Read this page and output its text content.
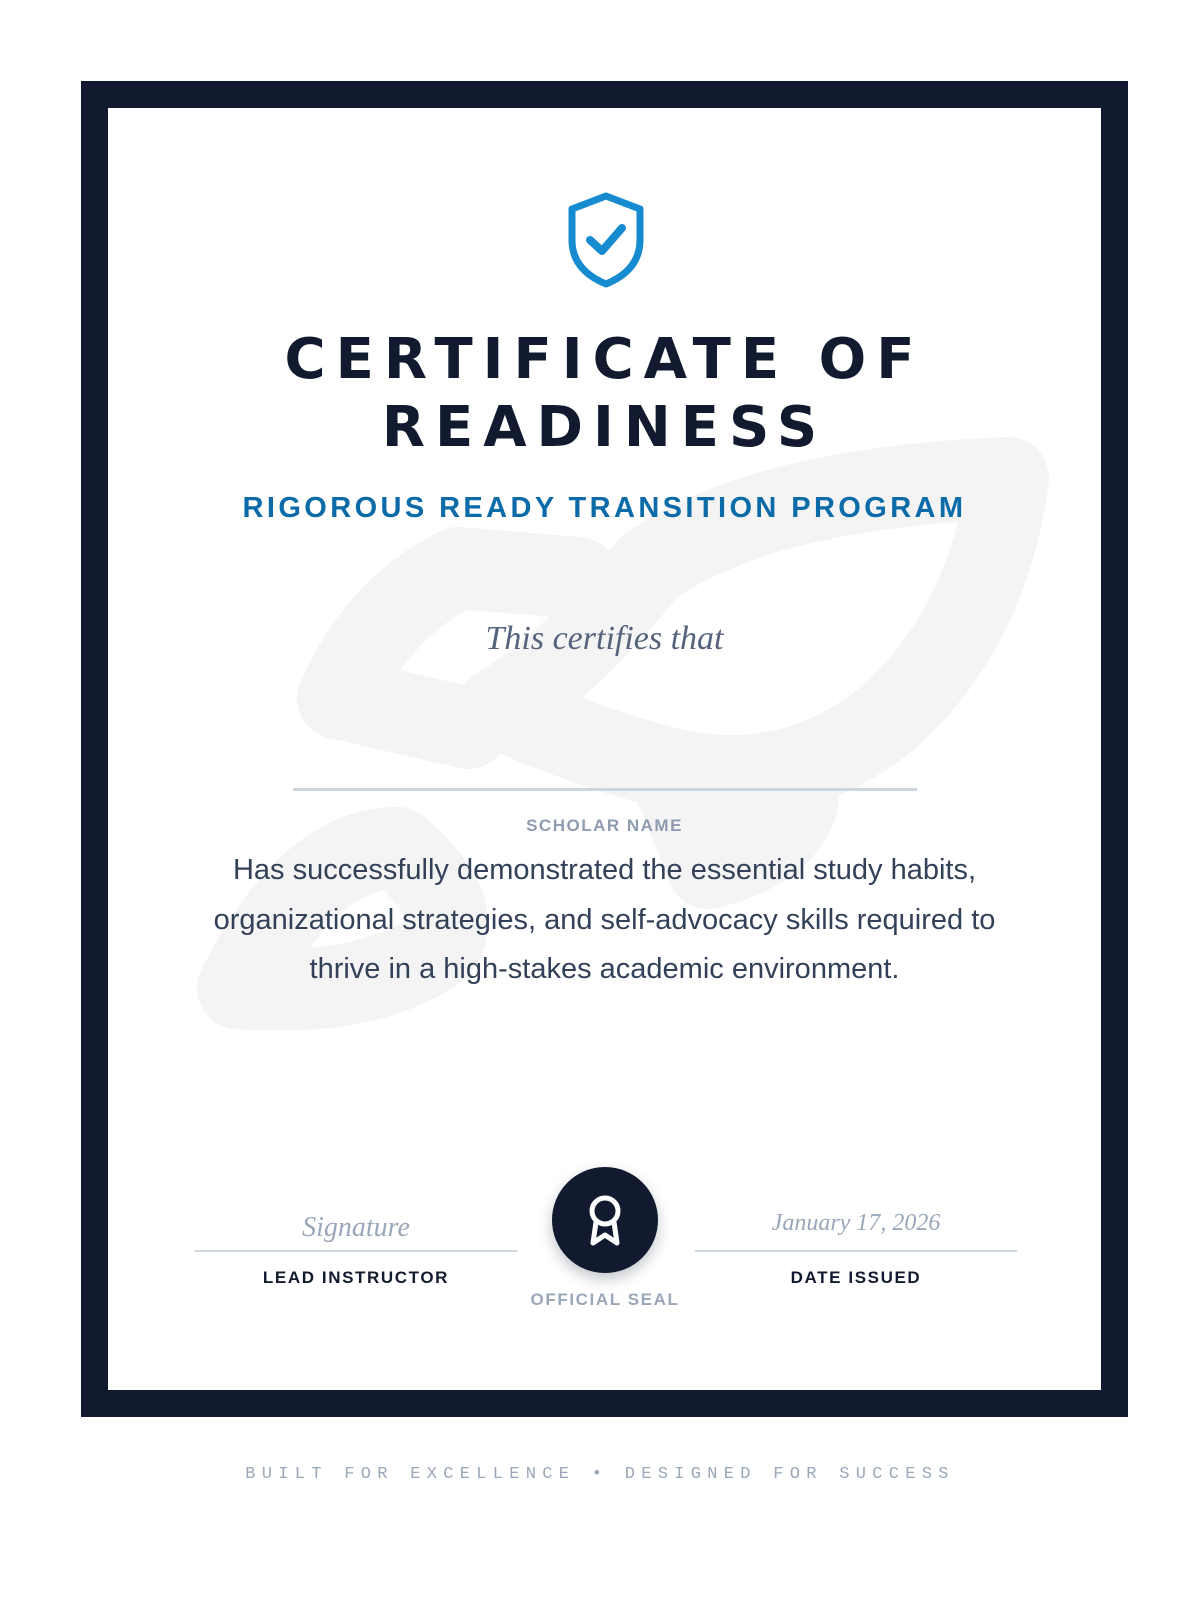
CERTIFICATE OF
READINESS
RIGOROUS READY TRANSITION PROGRAM
This certifies that
SCHOLAR NAME
Has successfully demonstrated the essential study habits, organizational strategies, and self-advocacy skills required to thrive in a high-stakes academic environment.
Signature
LEAD INSTRUCTOR
OFFICIAL SEAL
January 17, 2026
DATE ISSUED
BUILT FOR EXCELLENCE • DESIGNED FOR SUCCESS
